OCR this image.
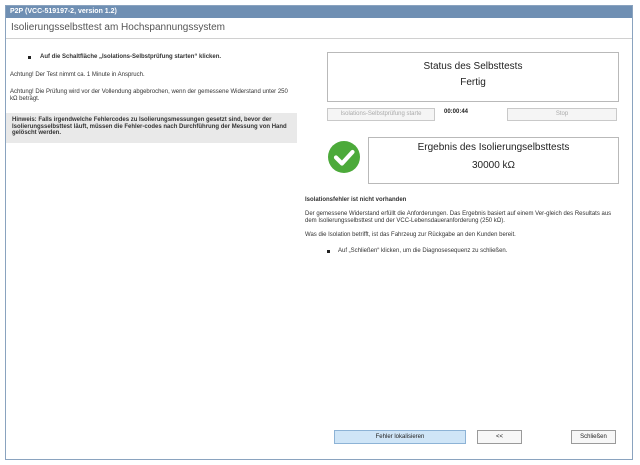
P2P (VCC-519197-2, version 1.2)
Isolierungsselbsttest am Hochspannungssystem
Auf die Schaltfläche „Isolations-Selbstprüfung starten“ klicken.
Achtung! Der Test nimmt ca. 1 Minute in Anspruch.
Achtung! Die Prüfung wird vor der Vollendung abgebrochen, wenn der gemessene Widerstand unter 250 kΩ beträgt.
Hinweis: Falls irgendwelche Fehlercodes zu Isolierungsmessungen gesetzt sind, bevor der Isolierungsselbsttest läuft, müssen die Fehler-codes nach Durchführung der Messung von Hand gelöscht werden.
Status des Selbsttests
Fertig
Isolations-Selbstprüfung starte	00:00:44	Stop
Ergebnis des Isolierungselbsttests
30000 kΩ
Isolationsfehler ist nicht vorhanden

Der gemessene Widerstand erfüllt die Anforderungen. Das Ergebnis basiert auf einem Ver-gleich des Resultats aus dem Isolierungsselbsttest und der VCC-Lebensdaueranforderung (250 kΩ).

Was die Isolation betrifft, ist das Fahrzeug zur Rückgabe an den Kunden bereit.

Auf „Schließen“ klicken, um die Diagnosesequenz zu schließen.
Fehler lokalisieren	<<	Schließen
